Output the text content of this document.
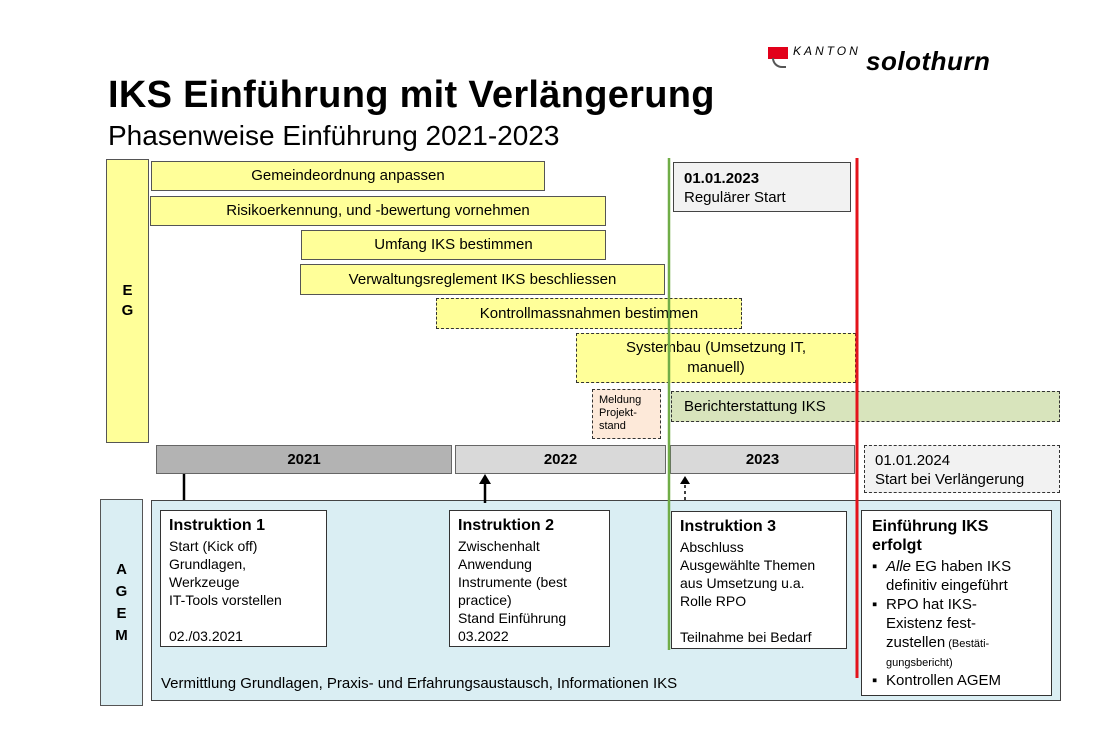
IKS Einführung mit Verlängerung
Phasenweise Einführung 2021-2023
KANTON solothurn
E
G
Gemeindeordnung anpassen
Risikoerkennung, und -bewertung vornehmen
Umfang IKS bestimmen
Verwaltungsreglement IKS beschliessen
Kontrollmassnahmen bestimmen
Systembau (Umsetzung IT, manuell)
Meldung
Projekt-
stand
Berichterstattung IKS
01.01.2023
Regulärer Start
2021	2022	2023	01.01.2024
Start bei Verlängerung
A
G
E
M
Vermittlung Grundlagen, Praxis- und Erfahrungsaustausch, Informationen IKS
Instruktion 1
Start (Kick off)
Grundlagen,
Werkzeuge
IT-Tools vorstellen
02./03.2021
Instruktion 2
Zwischenhalt
Anwendung
Instrumente (best
practice)
Stand Einführung
03.2022
Instruktion 3
Abschluss
Ausgewählte Themen
aus Umsetzung u.a.
Rolle RPO
Teilnahme bei Bedarf
Einführung IKS
erfolgt
▪ Alle EG haben IKS
definitiv eingeführt
▪ RPO hat IKS-
Existenz fest-
zustellen (Bestäti-
gungsbericht)
▪ Kontrollen AGEM
